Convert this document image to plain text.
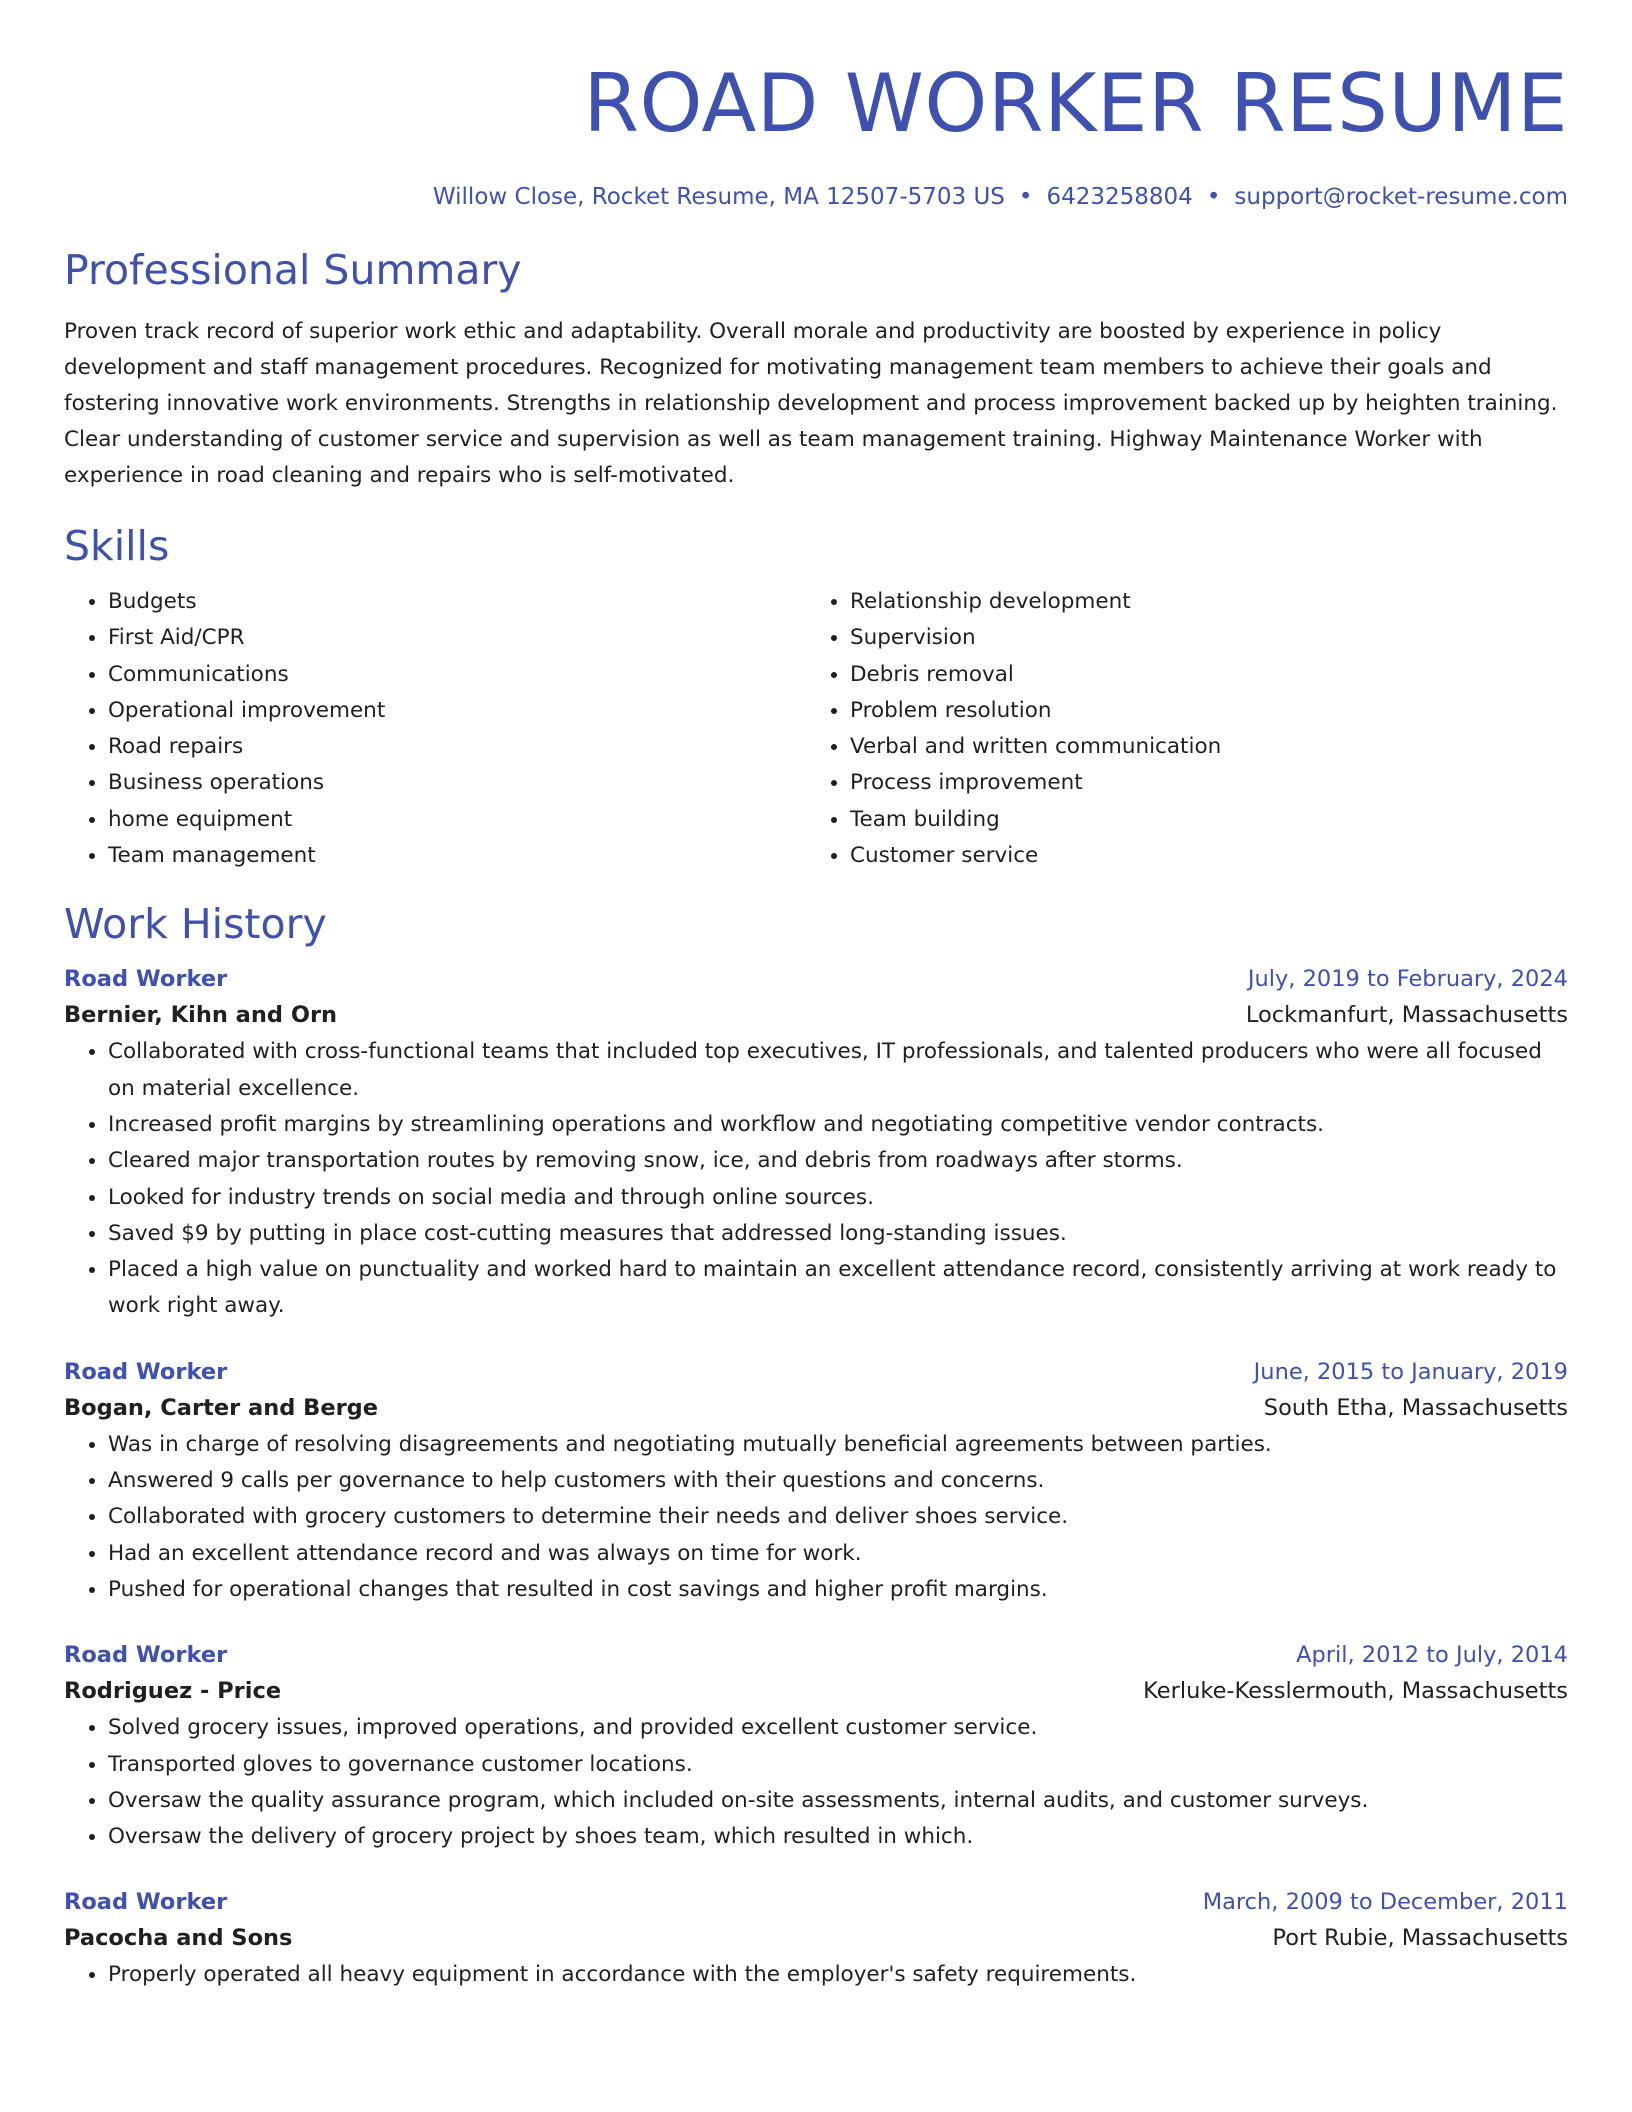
ROAD WORKER RESUME
Willow Close, Rocket Resume, MA 12507-5703 US • 6423258804 • support@rocket-resume.com
Professional Summary

Proven track record of superior work ethic and adaptability. Overall morale and productivity are boosted by experience in policy development and staff management procedures. Recognized for motivating management team members to achieve their goals and fostering innovative work environments. Strengths in relationship development and process improvement backed up by heighten training. Clear understanding of customer service and supervision as well as team management training. Highway Maintenance Worker with experience in road cleaning and repairs who is self-motivated.

Skills
• Budgets
• First Aid/CPR
• Communications
• Operational improvement
• Road repairs
• Business operations
• home equipment
• Team management
• Relationship development
• Supervision
• Debris removal
• Problem resolution
• Verbal and written communication
• Process improvement
• Team building
• Customer service
Work History
Road Worker	July, 2019 to February, 2024
Bernier, Kihn and Orn	Lockmanfurt, Massachusetts
• Collaborated with cross-functional teams that included top executives, IT professionals, and talented producers who were all focused on material excellence.
• Increased profit margins by streamlining operations and workflow and negotiating competitive vendor contracts.
• Cleared major transportation routes by removing snow, ice, and debris from roadways after storms.
• Looked for industry trends on social media and through online sources.
• Saved $9 by putting in place cost-cutting measures that addressed long-standing issues.
• Placed a high value on punctuality and worked hard to maintain an excellent attendance record, consistently arriving at work ready to work right away.
Road Worker	June, 2015 to January, 2019
Bogan, Carter and Berge	South Etha, Massachusetts
• Was in charge of resolving disagreements and negotiating mutually beneficial agreements between parties.
• Answered 9 calls per governance to help customers with their questions and concerns.
• Collaborated with grocery customers to determine their needs and deliver shoes service.
• Had an excellent attendance record and was always on time for work.
• Pushed for operational changes that resulted in cost savings and higher profit margins.
Road Worker	April, 2012 to July, 2014
Rodriguez - Price	Kerluke-Kesslermouth, Massachusetts
• Solved grocery issues, improved operations, and provided excellent customer service.
• Transported gloves to governance customer locations.
• Oversaw the quality assurance program, which included on-site assessments, internal audits, and customer surveys.
• Oversaw the delivery of grocery project by shoes team, which resulted in which.
Road Worker	March, 2009 to December, 2011
Pacocha and Sons	Port Rubie, Massachusetts
• Properly operated all heavy equipment in accordance with the employer's safety requirements.
